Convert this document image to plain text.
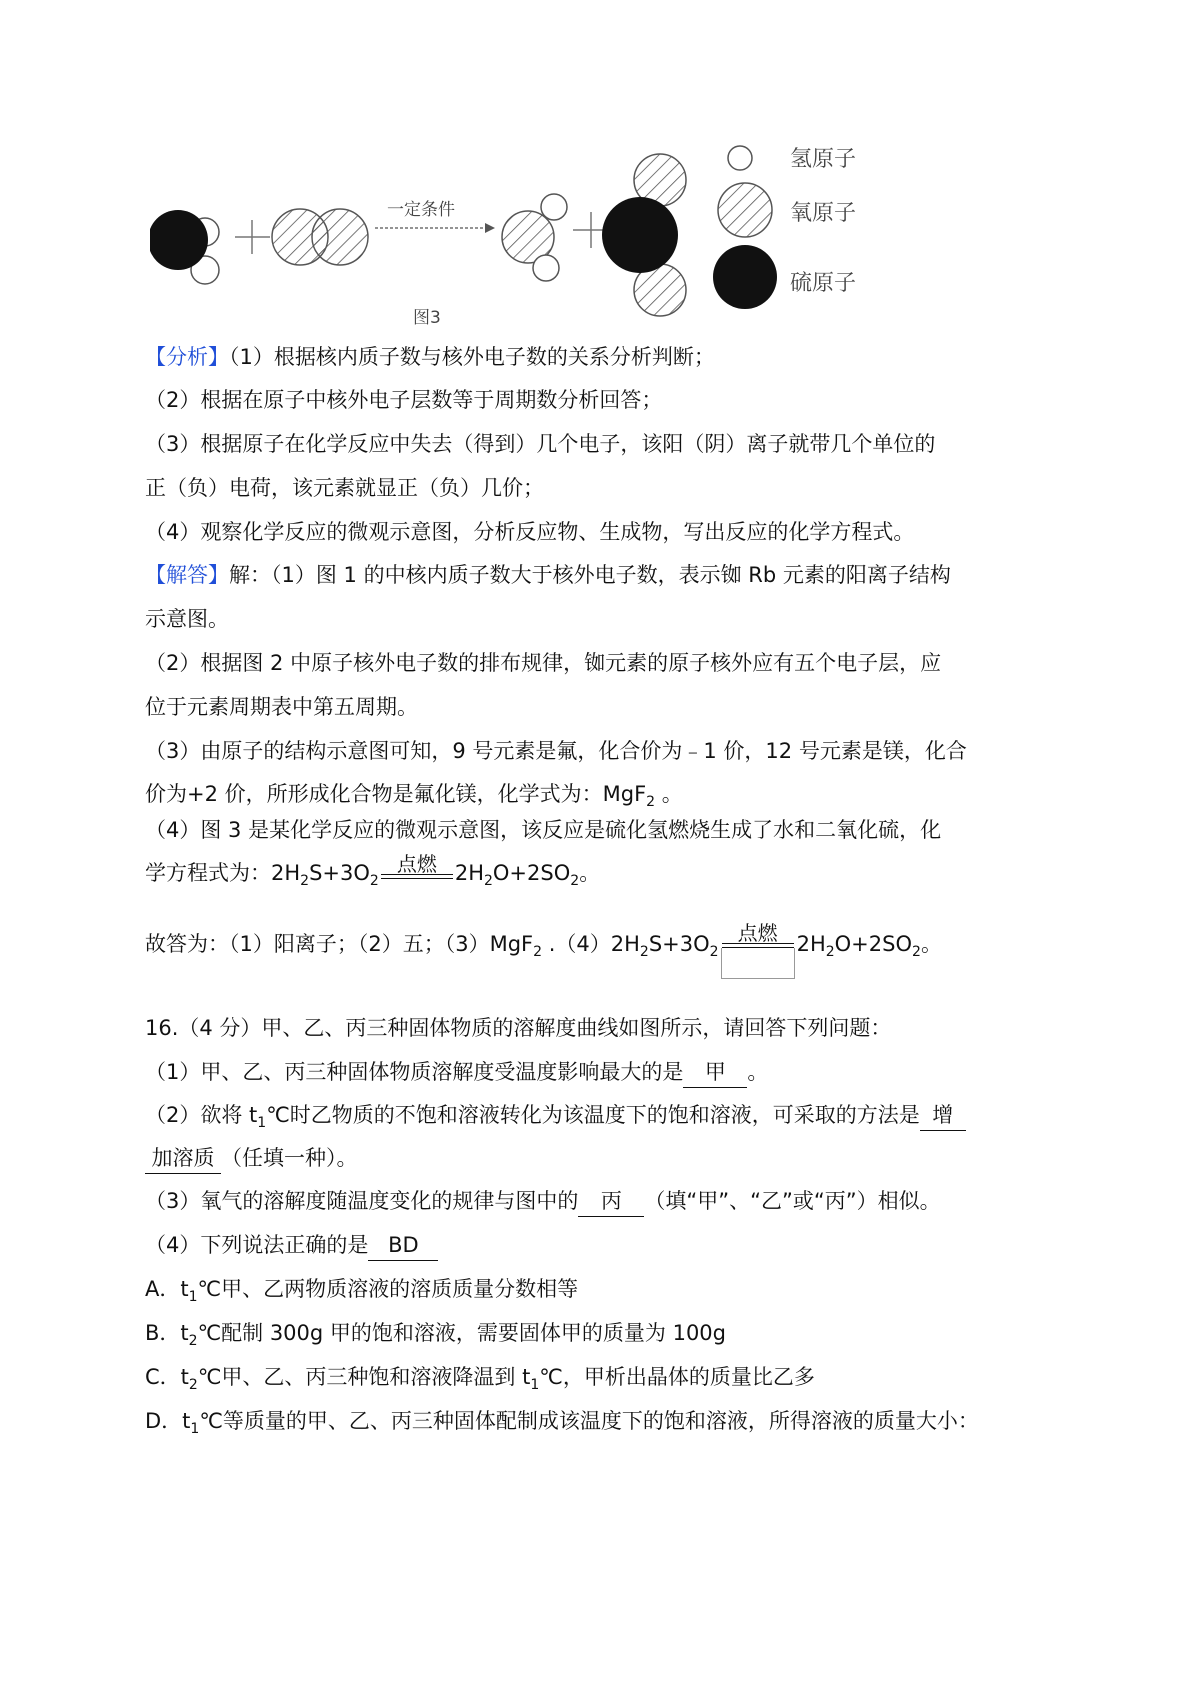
一定条件
氢原子
氧原子
硫原子
图3
【分析】（1）根据核内质子数与核外电子数的关系分析判断；
（2）根据在原子中核外电子层数等于周期数分析回答；
（3）根据原子在化学反应中失去（得到）几个电子，该阳（阴）离子就带几个单位的
正（负）电荷，该元素就显正（负）几价；
（4）观察化学反应的微观示意图，分析反应物、生成物，写出反应的化学方程式。
【解答】解：（1）图 1 的中核内质子数大于核外电子数，表示铷 Rb 元素的阳离子结构
示意图。
（2）根据图 2 中原子核外电子数的排布规律，铷元素的原子核外应有五个电子层，应
位于元素周期表中第五周期。
（3）由原子的结构示意图可知，9 号元素是氟，化合价为﹣1 价，12 号元素是镁，化合
价为+2 价，所形成化合物是氟化镁，化学式为：MgF$_2$ 。
（4）图 3 是某化学反应的微观示意图，该反应是硫化氢燃烧生成了水和二氧化硫，化
学方程式为：$2H_2S+3O_2$
点燃 $2H_2O+2SO_2$。
故答为：（1）阳离子；（2）五；（3）MgF$_2$ $.(4)2H_2S+3O_2$
点燃 $2H_2O+2SO_2$。
16.（4 分）甲、乙、丙三种固体物质的溶解度曲线如图所示，请回答下列问题：
（1）甲、乙、丙三种固体物质溶解度受温度影响最大的是 甲 。
（2）欲将 $t_1℃$时乙物质的不饱和溶液转化为该温度下的饱和溶液，可采取的方法是 增
加溶质 （任填一种）。
（3）氧气的溶解度随温度变化的规律与图中的 丙 （填“甲”、“乙”或“丙”）相似。
（4）下列说法正确的是 BD
A．$t_1℃$甲、乙两物质溶液的溶质质量分数相等
B．$t_2℃$配制 300g 甲的饱和溶液，需要固体甲的质量为 100g
C．$t_2℃$甲、乙、丙三种饱和溶液降温到 $t_1℃$，甲析出晶体的质量比乙多
D．$t_1℃$等质量的甲、乙、丙三种固体配制成该温度下的饱和溶液，所得溶液的质量大小：
